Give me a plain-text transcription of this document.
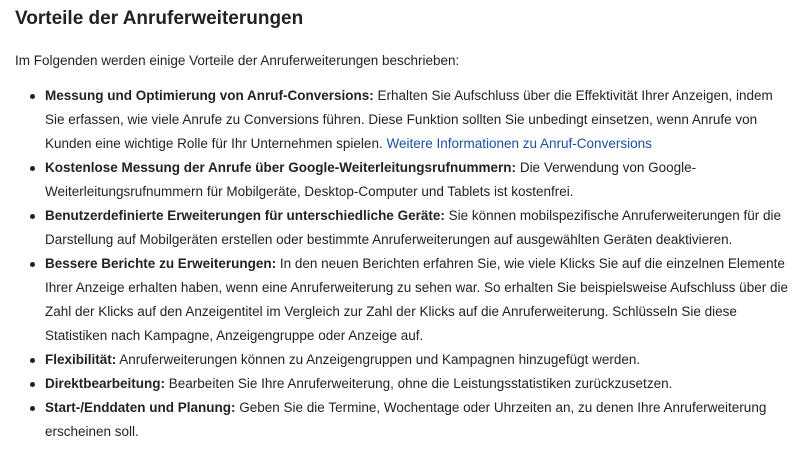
Vorteile der Anruferweiterungen

Im Folgenden werden einige Vorteile der Anruferweiterungen beschrieben:

Messung und Optimierung von Anruf-Conversions: Erhalten Sie Aufschluss über die Effektivität Ihrer Anzeigen, indem Sie erfassen, wie viele Anrufe zu Conversions führen. Diese Funktion sollten Sie unbedingt einsetzen, wenn Anrufe von Kunden eine wichtige Rolle für Ihr Unternehmen spielen. Weitere Informationen zu Anruf-Conversions
Kostenlose Messung der Anrufe über Google-Weiterleitungsrufnummern: Die Verwendung von Google-Weiterleitungsrufnummern für Mobilgeräte, Desktop-Computer und Tablets ist kostenfrei.
Benutzerdefinierte Erweiterungen für unterschiedliche Geräte: Sie können mobilspezifische Anruferweiterungen für die Darstellung auf Mobilgeräten erstellen oder bestimmte Anruferweiterungen auf ausgewählten Geräten deaktivieren.
Bessere Berichte zu Erweiterungen: In den neuen Berichten erfahren Sie, wie viele Klicks Sie auf die einzelnen Elemente Ihrer Anzeige erhalten haben, wenn eine Anruferweiterung zu sehen war. So erhalten Sie beispielsweise Aufschluss über die Zahl der Klicks auf den Anzeigentitel im Vergleich zur Zahl der Klicks auf die Anruferweiterung. Schlüsseln Sie diese Statistiken nach Kampagne, Anzeigengruppe oder Anzeige auf.
Flexibilität: Anruferweiterungen können zu Anzeigengruppen und Kampagnen hinzugefügt werden.
Direktbearbeitung: Bearbeiten Sie Ihre Anruferweiterung, ohne die Leistungsstatistiken zurückzusetzen.
Start-/Enddaten und Planung: Geben Sie die Termine, Wochentage oder Uhrzeiten an, zu denen Ihre Anruferweiterung erscheinen soll.
